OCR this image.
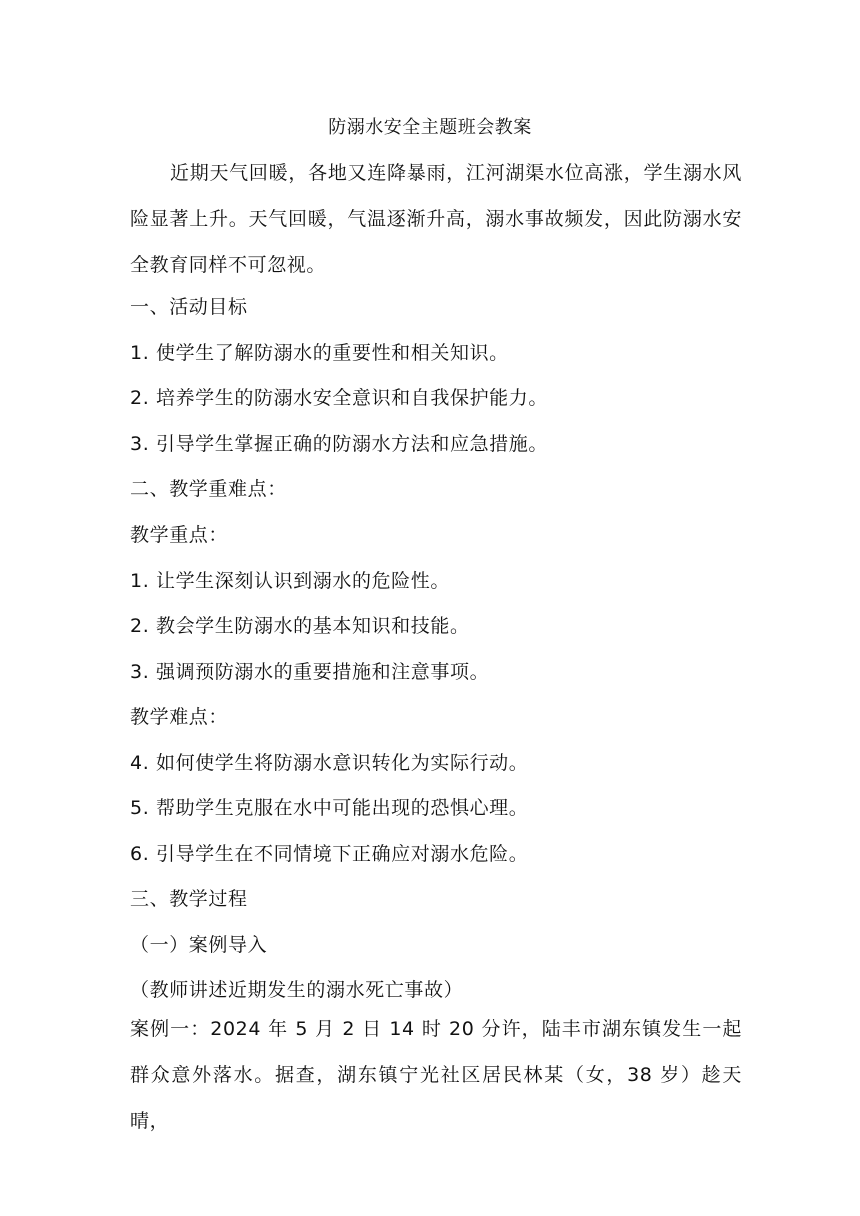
防溺水安全主题班会教案
近期天气回暖，各地又连降暴雨，江河湖渠水位高涨，学生溺水风险显著上升。天气回暖，气温逐渐升高，溺水事故频发，因此防溺水安全教育同样不可忽视。
一、活动目标
1. 使学生了解防溺水的重要性和相关知识。
2. 培养学生的防溺水安全意识和自我保护能力。
3. 引导学生掌握正确的防溺水方法和应急措施。
二、教学重难点：
教学重点：
1. 让学生深刻认识到溺水的危险性。
2. 教会学生防溺水的基本知识和技能。
3. 强调预防溺水的重要措施和注意事项。
教学难点：
4. 如何使学生将防溺水意识转化为实际行动。
5. 帮助学生克服在水中可能出现的恐惧心理。
6. 引导学生在不同情境下正确应对溺水危险。
三、教学过程
（一）案例导入
（教师讲述近期发生的溺水死亡事故）
案例一：2024 年 5 月 2 日 14 时 20 分许，陆丰市湖东镇发生一起群众意外落水。据查，湖东镇宁光社区居民林某（女，38 岁）趁天晴，
